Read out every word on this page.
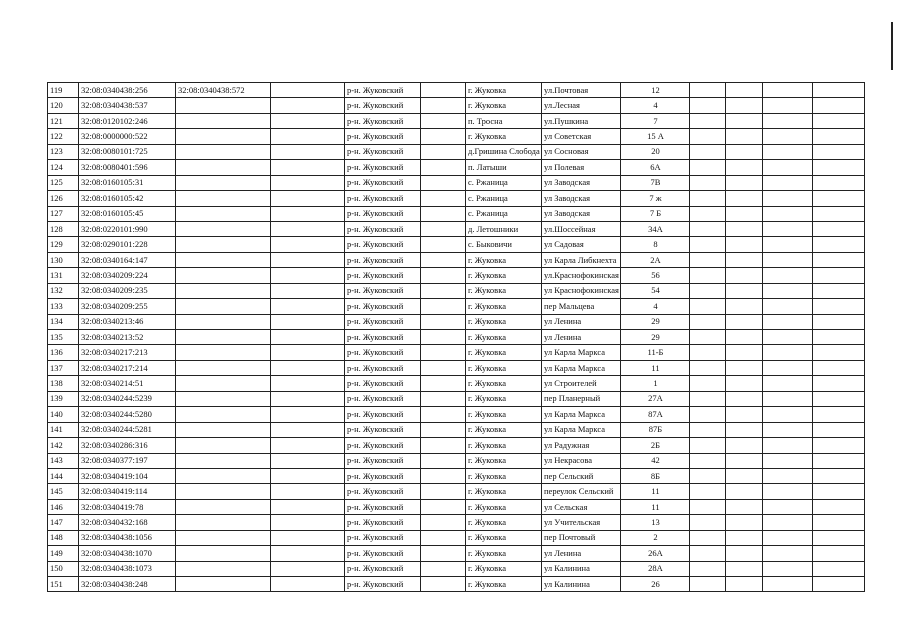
119	32:08:0340438:256	32:08:0340438:572		р-н. Жуковский		г. Жуковка	ул.Почтовая	12				
120	32:08:0340438:537			р-н. Жуковский		г. Жуковка	ул.Лесная	4				
121	32:08:0120102:246			р-н. Жуковский		п. Тросна	ул.Пушкина	7				
122	32:08:0000000:522			р-н. Жуковский		г. Жуковка	ул Советская	15 А				
123	32:08:0080101:725			р-н. Жуковский		д.Гришина Слобода	ул Сосновая	20				
124	32:08:0080401:596			р-н. Жуковский		п. Латыши	ул Полевая	6А				
125	32:08:0160105:31			р-н. Жуковский		с. Ржаница	ул Заводская	7В				
126	32:08:0160105:42			р-н. Жуковский		с. Ржаница	ул Заводская	7 ж				
127	32:08:0160105:45			р-н. Жуковский		с. Ржаница	ул Заводская	7 Б				
128	32:08:0220101:990			р-н. Жуковский		д. Летошники	ул.Шоссейная	34А				
129	32:08:0290101:228			р-н. Жуковский		с. Быковичи	ул Садовая	8				
130	32:08:0340164:147			р-н. Жуковский		г. Жуковка	ул Карла Либкнехта	2А				
131	32:08:0340209:224			р-н. Жуковский		г. Жуковка	ул.Краснофокинская	56				
132	32:08:0340209:235			р-н. Жуковский		г. Жуковка	ул Краснофокинская	54				
133	32:08:0340209:255			р-н. Жуковский		г. Жуковка	пер Мальцева	4				
134	32:08:0340213:46			р-н. Жуковский		г. Жуковка	ул Ленина	29				
135	32:08:0340213:52			р-н. Жуковский		г. Жуковка	ул Ленина	29				
136	32:08:0340217:213			р-н. Жуковский		г. Жуковка	ул Карла Маркса	11-Б				
137	32:08:0340217:214			р-н. Жуковский		г. Жуковка	ул Карла Маркса	11				
138	32:08:0340214:51			р-н. Жуковский		г. Жуковка	ул Строителей	1				
139	32:08:0340244:5239			р-н. Жуковский		г. Жуковка	пер Планерный	27А				
140	32:08:0340244:5280			р-н. Жуковский		г. Жуковка	ул Карла Маркса	87А				
141	32:08:0340244:5281			р-н. Жуковский		г. Жуковка	ул Карла Маркса	87Б				
142	32:08:0340286:316			р-н. Жуковский		г. Жуковка	ул Радужная	2Б				
143	32:08:0340377:197			р-н. Жуковский		г. Жуковка	ул Некрасова	42				
144	32:08:0340419:104			р-н. Жуковский		г. Жуковка	пер Сельский	8Б				
145	32:08:0340419:114			р-н. Жуковский		г. Жуковка	переулок Сельский	11				
146	32:08:0340419:78			р-н. Жуковский		г. Жуковка	ул Сельская	11				
147	32:08:0340432:168			р-н. Жуковский		г. Жуковка	ул Учительская	13				
148	32:08:0340438:1056			р-н. Жуковский		г. Жуковка	пер Почтовый	2				
149	32:08:0340438:1070			р-н. Жуковский		г. Жуковка	ул Ленина	26А				
150	32:08:0340438:1073			р-н. Жуковский		г. Жуковка	ул Калинина	28А				
151	32:08:0340438:248			р-н. Жуковский		г. Жуковка	ул Калинина	26				
